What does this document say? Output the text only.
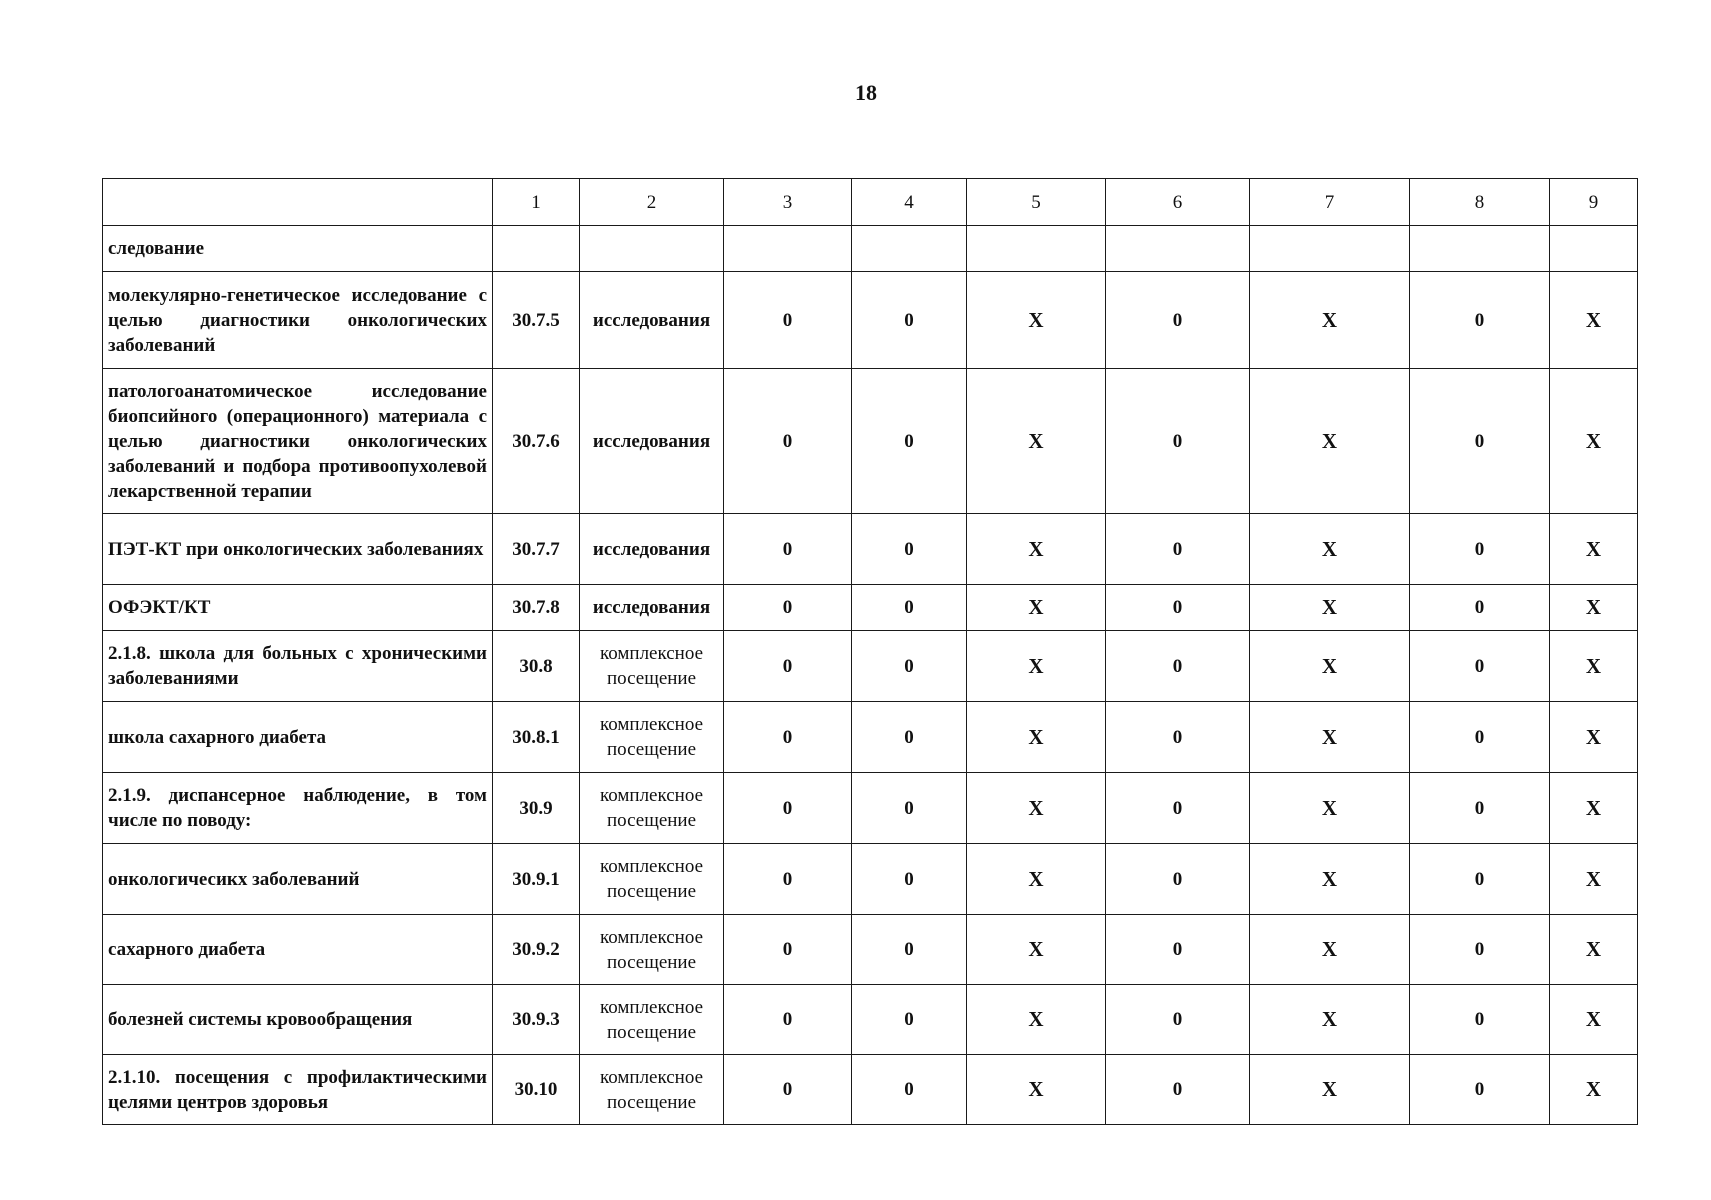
18
	1	2	3	4	5	6	7	8	9
следование									
молекулярно-генетическое исследование с целью диагностики онкологических заболеваний	30.7.5	исследования	0	0	X	0	X	0	X
патологоанатомическое исследование биопсийного (операционного) материала с целью диагностики онкологических заболеваний и подбора противоопухолевой лекарственной терапии	30.7.6	исследования	0	0	X	0	X	0	X
ПЭТ-КТ при онкологических заболеваниях	30.7.7	исследования	0	0	X	0	X	0	X
ОФЭКТ/КТ	30.7.8	исследования	0	0	X	0	X	0	X
2.1.8. школа для больных с хроническими заболеваниями	30.8	комплексное посещение	0	0	X	0	X	0	X
школа сахарного диабета	30.8.1	комплексное посещение	0	0	X	0	X	0	X
2.1.9. диспансерное наблюдение, в том числе по поводу:	30.9	комплексное посещение	0	0	X	0	X	0	X
онкологичесикх заболеваний	30.9.1	комплексное посещение	0	0	X	0	X	0	X
сахарного диабета	30.9.2	комплексное посещение	0	0	X	0	X	0	X
болезней системы кровообращения	30.9.3	комплексное посещение	0	0	X	0	X	0	X
2.1.10. посещения с профилактическими целями центров здоровья	30.10	комплексное посещение	0	0	X	0	X	0	X
